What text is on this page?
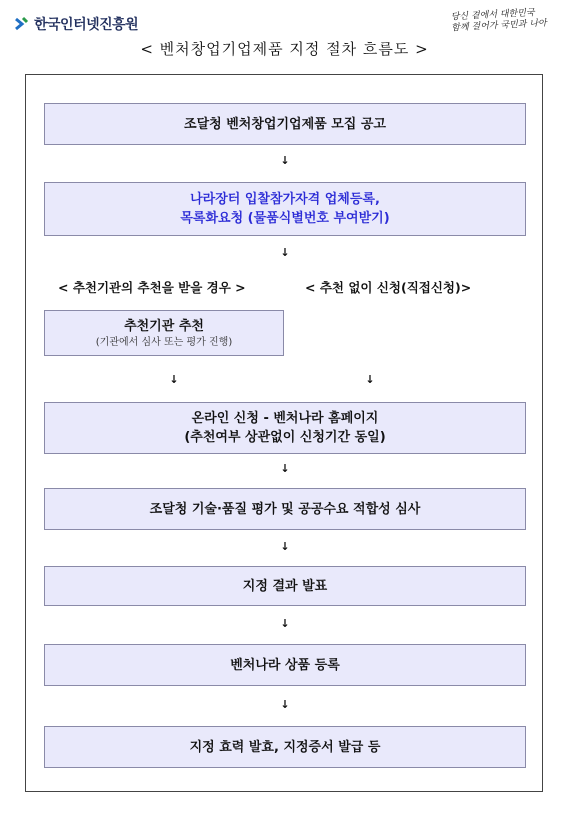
한국인터넷진흥원
당신 곁에서 대한민국
함께 걸어가 국민과 나아
< 벤처창업기업제품 지정 절차 흐름도 >
조달청 벤처창업기업제품 모집 공고
↓
나라장터 입찰참가자격 업체등록,
목록화요청 (물품식별번호 부여받기)
↓
< 추천기관의 추천을 받을 경우 >	< 추천 없이 신청(직접신청)>
추천기관 추천
(기관에서 심사 또는 평가 진행)
↓	↓
온라인 신청 - 벤처나라 홈페이지
(추천여부 상관없이 신청기간 동일)
↓
조달청 기술·품질 평가 및 공공수요 적합성 심사
↓
지정 결과 발표
↓
벤처나라 상품 등록
↓
지정 효력 발효, 지정증서 발급 등
